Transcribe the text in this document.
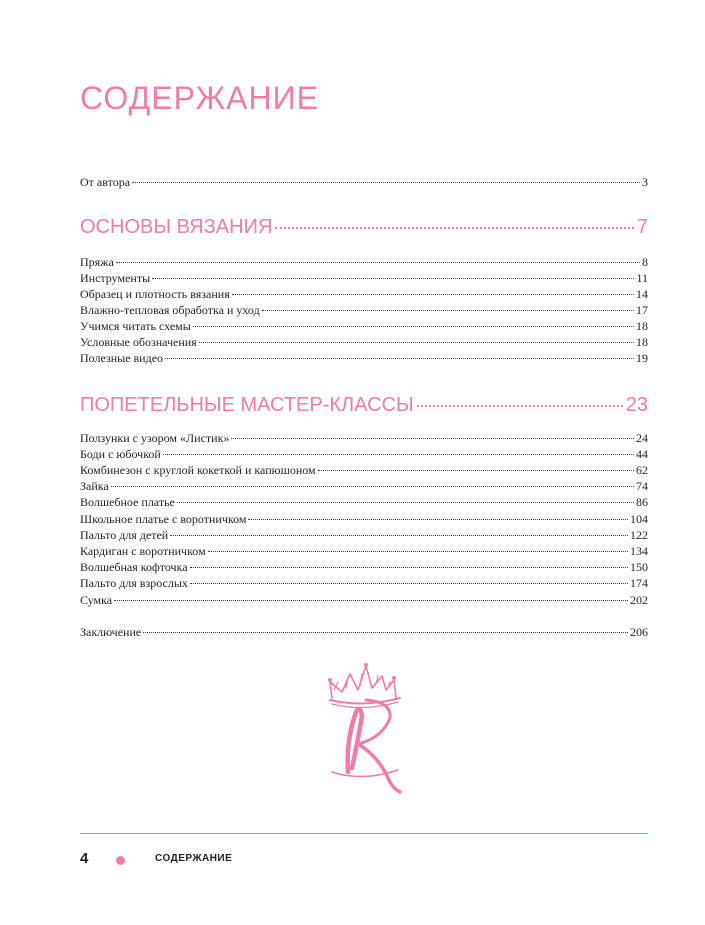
СОДЕРЖАНИЕ
От автора	3
ОСНОВЫ ВЯЗАНИЯ	7
Пряжа	8
Инструменты	11
Образец и плотность вязания	14
Влажно-тепловая обработка и уход	17
Учимся читать схемы	18
Условные обозначения	18
Полезные видео	19
ПОПЕТЕЛЬНЫЕ МАСТЕР-КЛАССЫ	23
Ползунки с узором «Листик»	24
Боди с юбочкой	44
Комбинезон с круглой кокеткой и капюшоном	62
Зайка	74
Волшебное платье	86
Школьное платье с воротничком	104
Пальто для детей	122
Кардиган с воротничком	134
Волшебная кофточка	150
Пальто для взрослых	174
Сумка	202
Заключение	206
4	СОДЕРЖАНИЕ
